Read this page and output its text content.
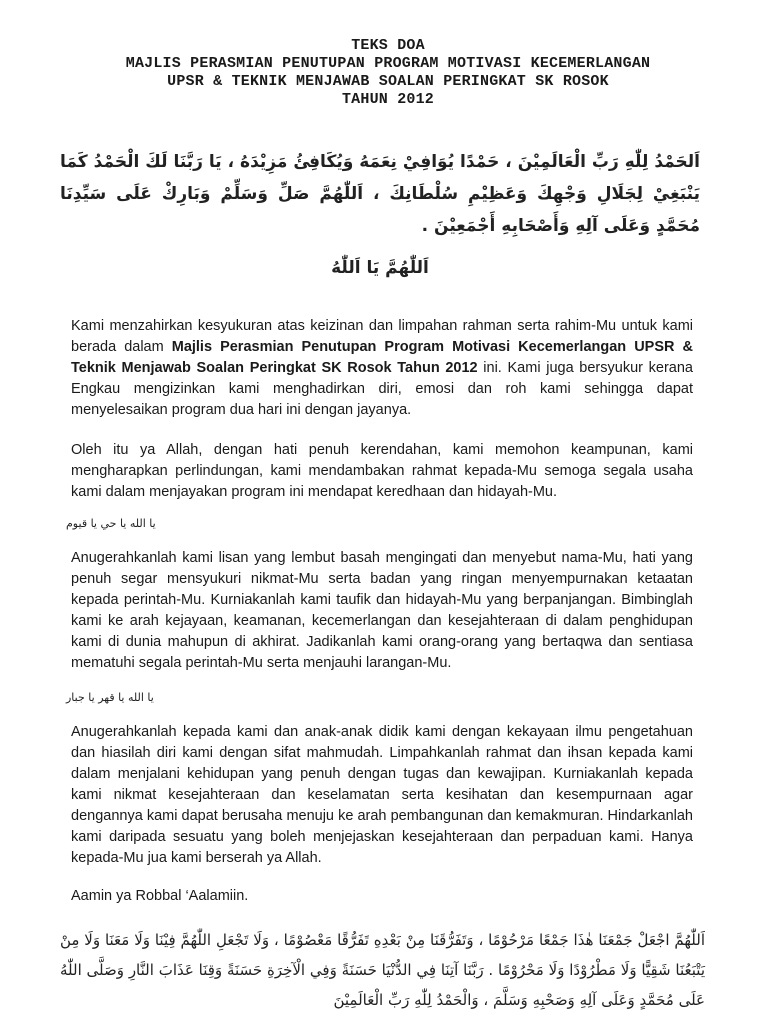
TEKS DOA
MAJLIS PERASMIAN PENUTUPAN PROGRAM MOTIVASI KECEMERLANGAN
UPSR & TEKNIK MENJAWAB SOALAN PERINGKAT SK ROSOK
TAHUN 2012
اَلحَمْدُ لِلّٰهِ رَبِّ الْعَالَمِيْنَ ، حَمْدًا يُوَافِيْ نِعَمَهُ وَيُكَافِئُ مَزِيْدَهُ ، يَا رَبَّنَا لَكَ الْحَمْدُ كَمَا يَنْبَغِيْ لِجَلَالِ وَجْهِكَ وَعَظِيْمِ سُلْطَانِكَ ، اَللّٰهُمَّ صَلِّ وَسَلِّمْ وَبَارِكْ عَلَى سَيِّدِنَا مُحَمَّدٍ وَعَلَى آلِهِ وَأَصْحَابِهِ أَجْمَعِيْنَ .
اَللّٰهُمَّ يَا اَللّٰهُ
Kami menzahirkan kesyukuran atas keizinan dan limpahan rahman serta rahim-Mu untuk kami berada dalam Majlis Perasmian Penutupan Program Motivasi Kecemerlangan UPSR & Teknik Menjawab Soalan Peringkat SK Rosok Tahun 2012 ini. Kami juga bersyukur kerana Engkau mengizinkan kami menghadirkan diri, emosi dan roh kami sehingga dapat menyelesaikan program dua hari ini dengan jayanya.
Oleh itu ya Allah, dengan hati penuh kerendahan, kami memohon keampunan, kami mengharapkan perlindungan, kami mendambakan rahmat kepada-Mu semoga segala usaha kami dalam menjayakan program ini mendapat keredhaan dan hidayah-Mu.
يا الله يا حي يا قيوم
Anugerahkanlah kami lisan yang lembut basah mengingati dan menyebut nama-Mu, hati yang penuh segar mensyukuri nikmat-Mu serta badan yang ringan menyempurnakan ketaatan kepada perintah-Mu. Kurniakanlah kami taufik dan hidayah-Mu yang berpanjangan. Bimbinglah kami ke arah kejayaan, keamanan, kecemerlangan dan kesejahteraan di dalam penghidupan kami di dunia mahupun di akhirat. Jadikanlah kami orang-orang yang bertaqwa dan sentiasa mematuhi segala perintah-Mu serta menjauhi larangan-Mu.
يا الله يا قهر يا جبار
Anugerahkanlah kepada kami dan anak-anak didik kami dengan kekayaan ilmu pengetahuan dan hiasilah diri kami dengan sifat mahmudah. Limpahkanlah rahmat dan ihsan kepada kami dalam menjalani kehidupan yang penuh dengan tugas dan kewajipan. Kurniakanlah kepada kami nikmat kesejahteraan dan keselamatan serta kesihatan dan kesempurnaan agar dengannya kami dapat berusaha menuju ke arah pembangunan dan kemakmuran. Hindarkanlah kami daripada sesuatu yang boleh menjejaskan kesejahteraan dan perpaduan kami. Hanya kepada-Mu jua kami berserah ya Allah.
Aamin ya Robbal ‘Aalamiin.
اَللّٰهُمَّ اجْعَلْ جَمْعَنَا هٰذَا جَمْعًا مَرْحُوْمًا ، وَتَفَرُّقَنَا مِنْ بَعْدِهِ تَفَرُّقًا مَعْصُوْمًا ، وَلَا تَجْعَلِ اللّٰهُمَّ فِيْنَا وَلَا مَعَنَا وَلَا مِنْ يَتْبَعُنَا شَقِيًّا وَلَا مَطْرُوْدًا وَلَا مَحْرُوْمًا . رَبَّنَا آتِنَا فِي الدُّنْيَا حَسَنَةً وَفِي الْآخِرَةِ حَسَنَةً وَقِنَا عَذَابَ النَّارِ وَصَلَّى اللّٰهُ عَلَى مُحَمَّدٍ وَعَلَى آلِهِ وَصَحْبِهِ وَسَلَّمَ ، وَالْحَمْدُ لِلّٰهِ رَبِّ الْعَالَمِيْنَ
